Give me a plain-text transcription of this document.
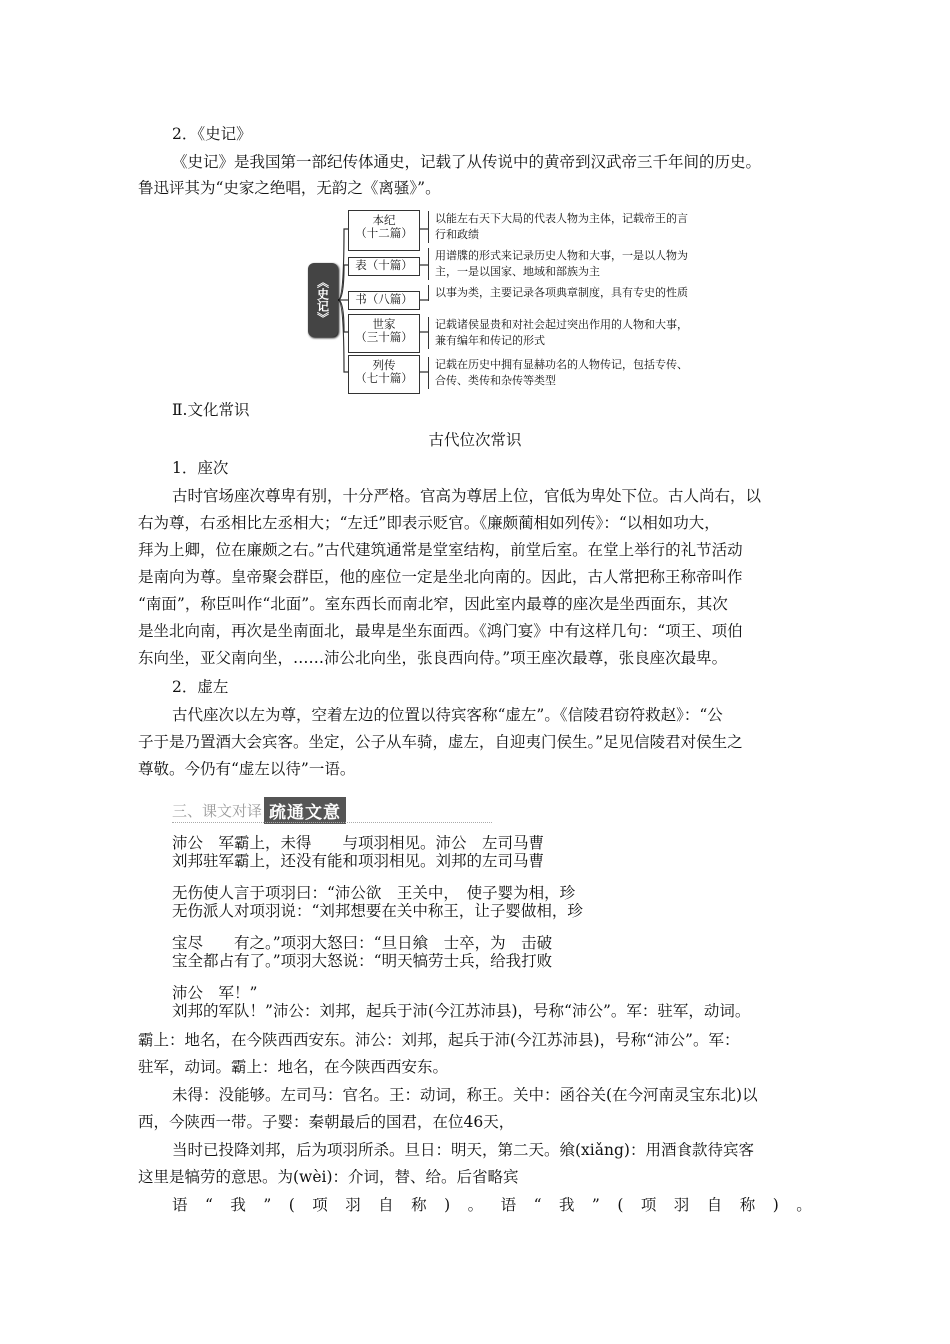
2．《史记》
《史记》是我国第一部纪传体通史，记载了从传说中的黄帝到汉武帝三千年间的历史。
鲁迅评其为“史家之绝唱，无韵之《离骚》”。
《史记》
本纪
（十二篇）
以能左右天下大局的代表人物为主体，记载帝王的言行和政绩
表（十篇）
用谱牒的形式来记录历史人物和大事，一是以人物为主，一是以国家、地域和部族为主
书（八篇）	以事为类，主要记录各项典章制度，具有专史的性质
世家
（三十篇）
记载诸侯显贵和对社会起过突出作用的人物和大事，兼有编年和传记的形式
列传
（七十篇）
记载在历史中拥有显赫功名的人物传记，包括专传、合传、类传和杂传等类型
Ⅱ.文化常识
古代位次常识
1．座次
古时官场座次尊卑有别，十分严格。官高为尊居上位，官低为卑处下位。古人尚右，以
右为尊，右丞相比左丞相大；“左迁”即表示贬官。《廉颇蔺相如列传》：“以相如功大，
拜为上卿，位在廉颇之右。”古代建筑通常是堂室结构，前堂后室。在堂上举行的礼节活动
是南向为尊。皇帝聚会群臣，他的座位一定是坐北向南的。因此，古人常把称王称帝叫作
“南面”，称臣叫作“北面”。室东西长而南北窄，因此室内最尊的座次是坐西面东，其次
是坐北向南，再次是坐南面北，最卑是坐东面西。《鸿门宴》中有这样几句：“项王、项伯
东向坐，亚父南向坐，……沛公北向坐，张良西向侍。”项王座次最尊，张良座次最卑。
2．虚左
古代座次以左为尊，空着左边的位置以待宾客称“虚左”。《信陵君窃符救赵》：“公
子于是乃置酒大会宾客。坐定，公子从车骑，虚左，自迎夷门侯生。”足见信陵君对侯生之
尊敬。今仍有“虚左以待”一语。
三、课文对译 疏通文意
沛公　军霸上，未得　　与项羽相见。沛公　左司马曹
刘邦驻军霸上，还没有能和项羽相见。刘邦的左司马曹
无伤使人言于项羽曰：“沛公欲　王关中，　使子婴为相，珍
无伤派人对项羽说：“刘邦想要在关中称王，让子婴做相，珍
宝尽　　有之。”项羽大怒曰：“旦日飨　士卒，为　击破
宝全都占有了。”项羽大怒说：“明天犒劳士兵，给我打败
沛公　军！”
刘邦的军队！”沛公：刘邦，起兵于沛(今江苏沛县)，号称“沛公”。军：驻军，动词。
霸上：地名，在今陕西西安东。沛公：刘邦，起兵于沛(今江苏沛县)，号称“沛公”。军：
驻军，动词。霸上：地名，在今陕西西安东。
未得：没能够。左司马：官名。王：动词，称王。关中：函谷关(在今河南灵宝东北)以
西，今陕西一带。子婴：秦朝最后的国君，在位46天，
当时已投降刘邦，后为项羽所杀。旦日：明天，第二天。飨(xiǎng)：用酒食款待宾客
这里是犒劳的意思。为(wèi)：介词，替、给。后省略宾
语 “ 我 ” ( 项 羽 自 称 ) 。 语 “ 我 ” ( 项 羽 自 称 ) 。
